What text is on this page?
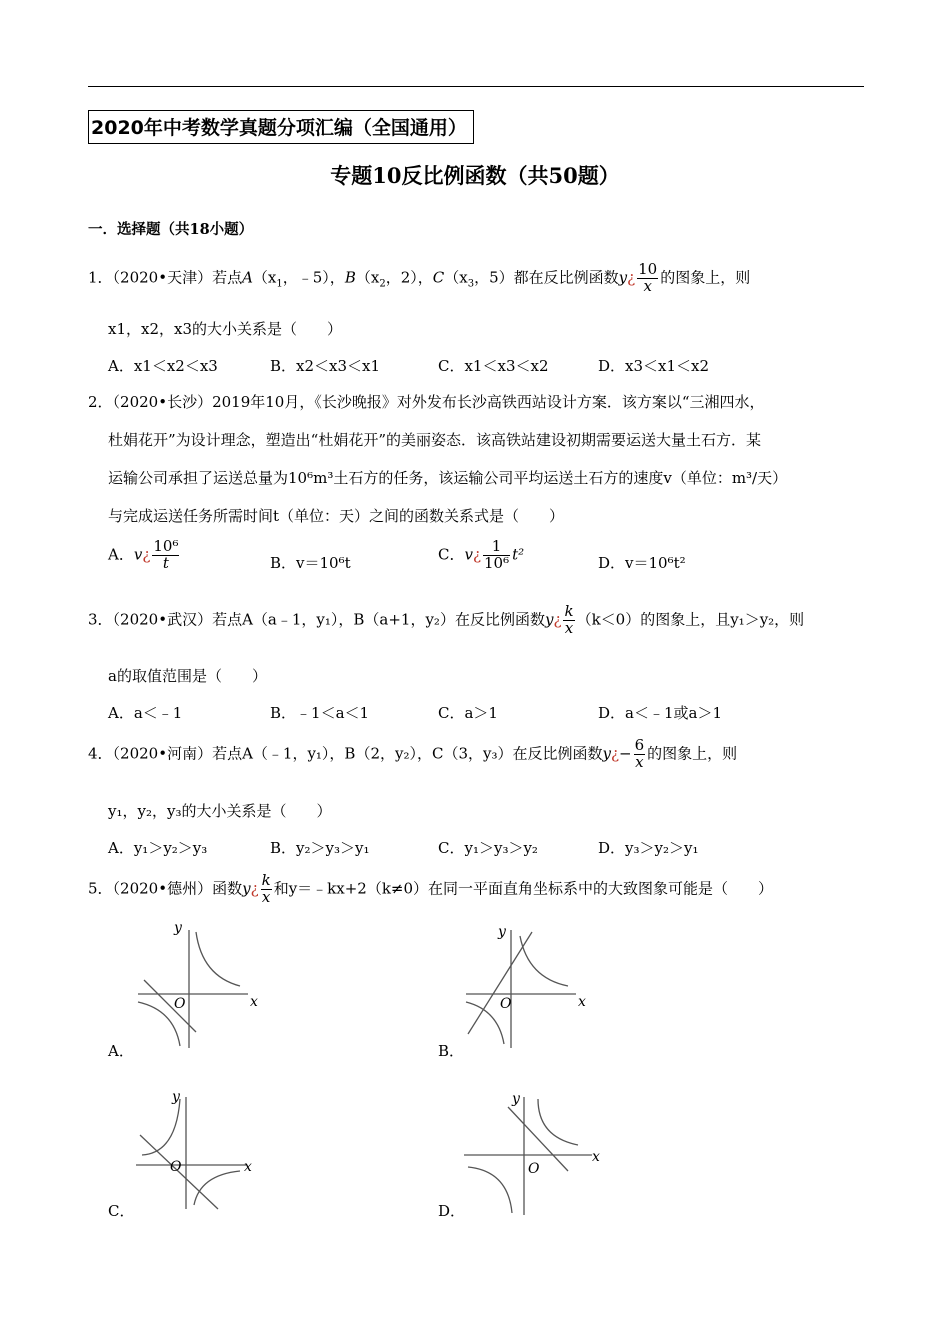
2020年中考数学真题分项汇编（全国通用）
专题10反比例函数（共50题）
一．选择题（共18小题）
1．（2020•天津）若点$A(x_1$，﹣5），$B(x_2$，2），$C(x_3$，5）都在反比例函数y¿ $\frac{10}{x}$ 的图象上，则
x1，x2，x3的大小关系是（　　）
A．x1＜x2＜x3	B．x2＜x3＜x1	C．x1＜x3＜x2	D．x3＜x1＜x2
2．（2020•长沙）2019年10月，《长沙晚报》对外发布长沙高铁西站设计方案．该方案以“三湘四水，
杜娟花开”为设计理念，塑造出“杜娟花开”的美丽姿态．该高铁站建设初期需要运送大量土石方．某
运输公司承担了运送总量为10⁶m³土石方的任务，该运输公司平均运送土石方的速度v（单位：m³/天）
与完成运送任务所需时间t（单位：天）之间的函数关系式是（　　）
A．v¿ $\frac{\text{10⁶}}{t}$	B．v＝10⁶t	C．v¿ $\frac{1}{\text{10⁶}} t^2$	D．v＝10⁶t²
3．（2020•武汉）若点A（a﹣1，y₁），B（a+1，y₂）在反比例函数y¿ $\frac{k}{x} (k<0)$的图象上，且y₁＞y₂，则
a的取值范围是（　　）
A．a＜﹣1	B．﹣1＜a＜1	C．a＞1	D．a＜﹣1或a＞1
4．（2020•河南）若点A（﹣1，y₁），B（2，y₂），C（3，y₃）在反比例函数y¿− $\frac{6}{x}$ 的图象上，则
y₁，y₂，y₃的大小关系是（　　）
A．y₁＞y₂＞y₃	B．y₂＞y₃＞y₁	C．y₁＞y₃＞y₂	D．y₃＞y₂＞y₁
5．（2020•德州）函数y¿ $\frac{k}{x}$ 和y＝﹣kx+2（k≠0）在同一平面直角坐标系中的大致图象可能是（　　）
y
x
O
A．
y
x
O
B．
y
x
O
C．
y
x
O
D．
